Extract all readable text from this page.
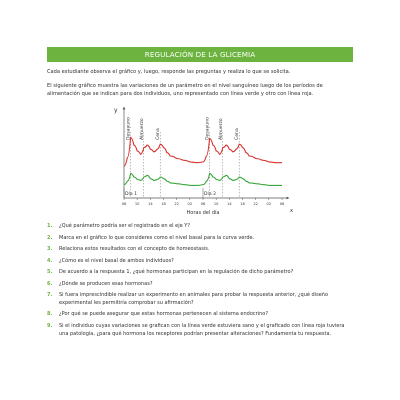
REGULACIÓN DE LA GLICEMIA
Cada estudiante observa el gráfico y, luego, responde las preguntas y realiza lo que se solicita.
El siguiente gráfico muestra las variaciones de un parámetro en el nivel sanguíneo luego de los períodos de alimentación que se indican para dos individuos, uno representado con línea verde y otro con línea roja.
y
x
Horas del día
06 10 14 18 22 02 06 10 14 18 22 02 06
Desayuno Almuerzo Cena	Desayuno Almuerzo Cena
Día 1	Día 2
1. ¿Qué parámetro podría ser el registrado en el eje Y?
2. Marca en el gráfico lo que consideres como el nivel basal para la curva verde.
3. Relaciona estos resultados con el concepto de homeostasis.
4. ¿Cómo es el nivel basal de ambos individuos?
5. De acuerdo a la respuesta 1, ¿qué hormonas participan en la regulación de dicho parámetro?
6. ¿Dónde se producen esas hormonas?
7. Si fuera imprescindible realizar un experimento en animales para probar la respuesta anterior, ¿qué diseño experimental les permitiría comprobar su afirmación?
8. ¿Por qué se puede asegurar que estas hormonas pertenecen al sistema endocrino?
9. Si el individuo cuyas variaciones se grafican con la línea verde estuviera sano y el graficado con línea roja tuviera una patología, ¿para qué hormona los receptores podrían presentar alteraciones? Fundamenta tu respuesta.
